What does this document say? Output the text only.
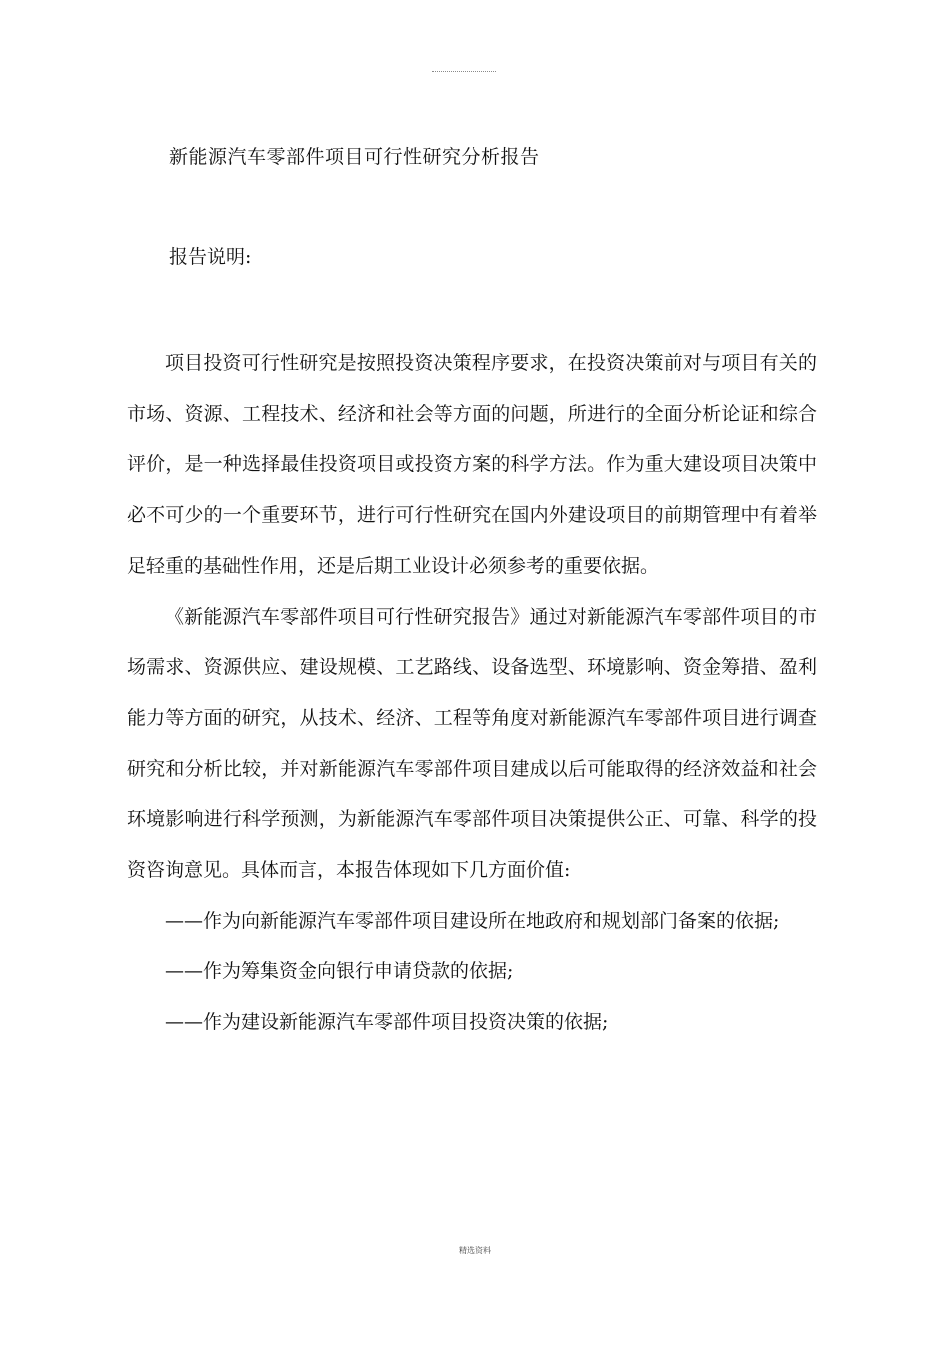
新能源汽车零部件项目可行性研究分析报告
报告说明:

项目投资可行性研究是按照投资决策程序要求，在投资决策前对与项目有关的市场、资源、工程技术、经济和社会等方面的问题，所进行的全面分析论证和综合评价，是一种选择最佳投资项目或投资方案的科学方法。作为重大建设项目决策中必不可少的一个重要环节，进行可行性研究在国内外建设项目的前期管理中有着举足轻重的基础性作用，还是后期工业设计必须参考的重要依据。

《新能源汽车零部件项目可行性研究报告》通过对新能源汽车零部件项目的市场需求、资源供应、建设规模、工艺路线、设备选型、环境影响、资金筹措、盈利能力等方面的研究，从技术、经济、工程等角度对新能源汽车零部件项目进行调查研究和分析比较，并对新能源汽车零部件项目建成以后可能取得的经济效益和社会环境影响进行科学预测，为新能源汽车零部件项目决策提供公正、可靠、科学的投资咨询意见。具体而言，本报告体现如下几方面价值:

——作为向新能源汽车零部件项目建设所在地政府和规划部门备案的依据;

——作为筹集资金向银行申请贷款的依据;

——作为建设新能源汽车零部件项目投资决策的依据;

精选资料
